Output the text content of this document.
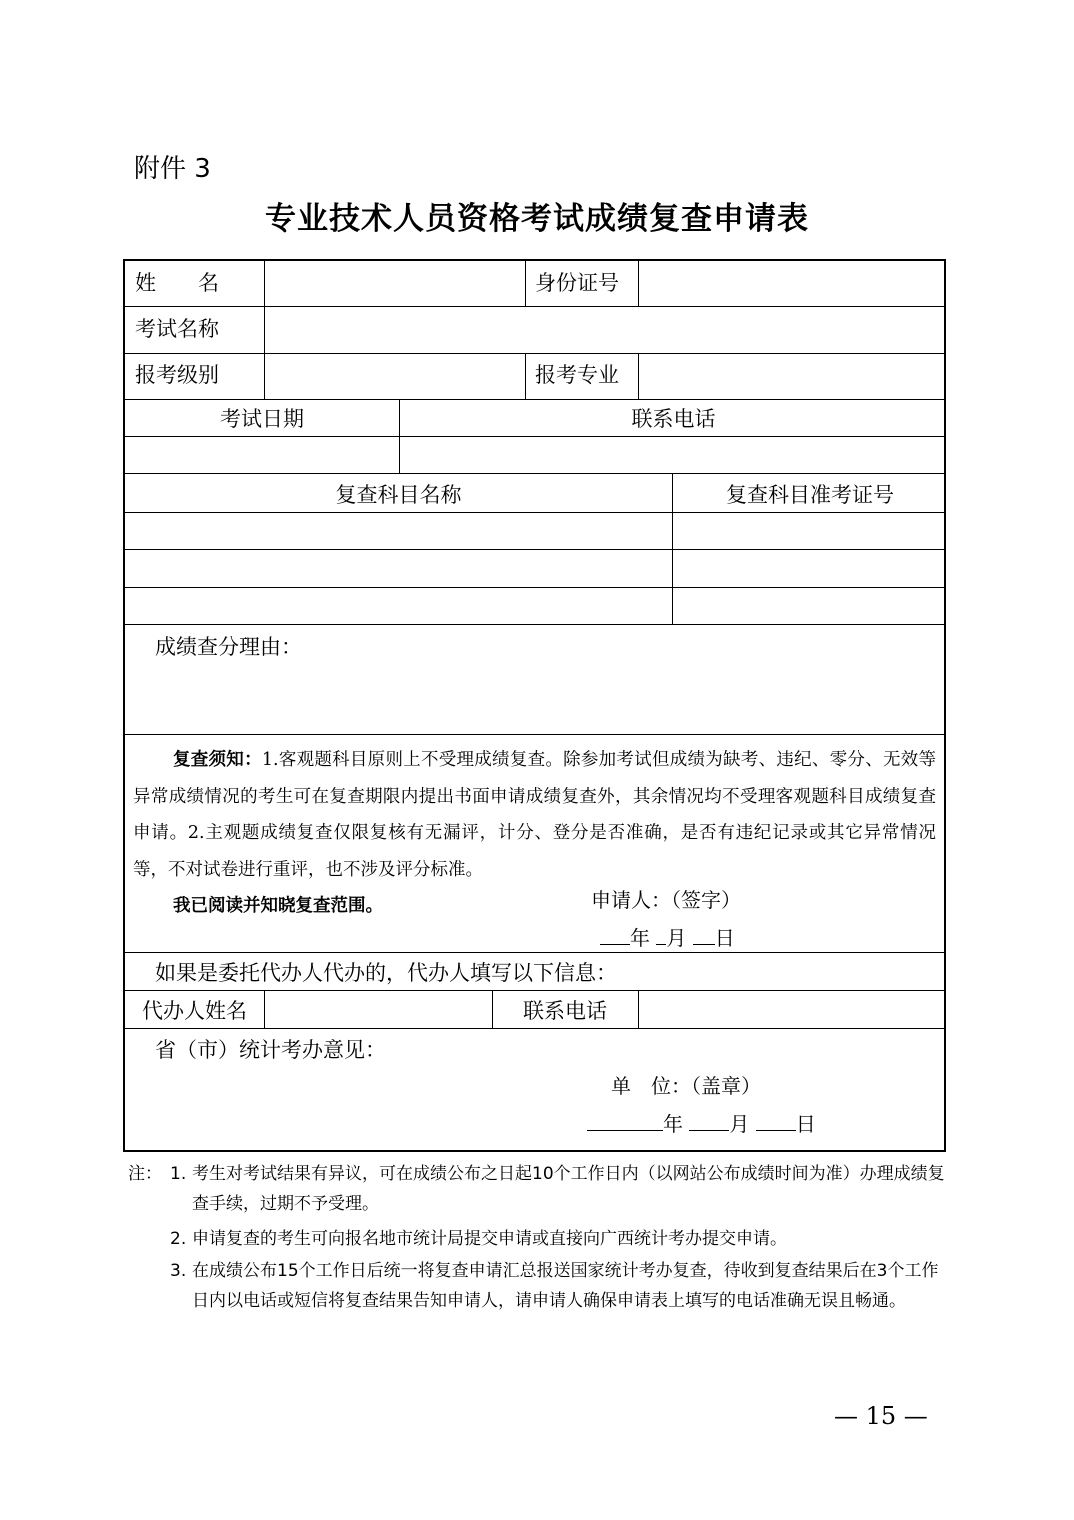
附件 3
专业技术人员资格考试成绩复查申请表
姓　　名	身份证号
考试名称
报考级别	报考专业
考试日期	联系电话
复查科目名称	复查科目准考证号
成绩查分理由：
复查须知：1.客观题科目原则上不受理成绩复查。除参加考试但成绩为缺考、违纪、零分、无效等异常成绩情况的考生可在复查期限内提出书面申请成绩复查外，其余情况均不受理客观题科目成绩复查申请。2.主观题成绩复查仅限复核有无漏评，计分、登分是否准确，是否有违纪记录或其它异常情况等，不对试卷进行重评，也不涉及评分标准。
我已阅读并知晓复查范围。	申请人：（签字）
年 月 日
如果是委托代办人代办的，代办人填写以下信息：
代办人姓名	联系电话
省（市）统计考办意见：
单　位：（盖章）
年 月 日
注： 1. 考生对考试结果有异议，可在成绩公布之日起10个工作日内（以网站公布成绩时间为准）办理成绩复查手续，过期不予受理。
2. 申请复查的考生可向报名地市统计局提交申请或直接向广西统计考办提交申请。
3. 在成绩公布15个工作日后统一将复查申请汇总报送国家统计考办复查，待收到复查结果后在3个工作日内以电话或短信将复查结果告知申请人，请申请人确保申请表上填写的电话准确无误且畅通。
— 15 —
